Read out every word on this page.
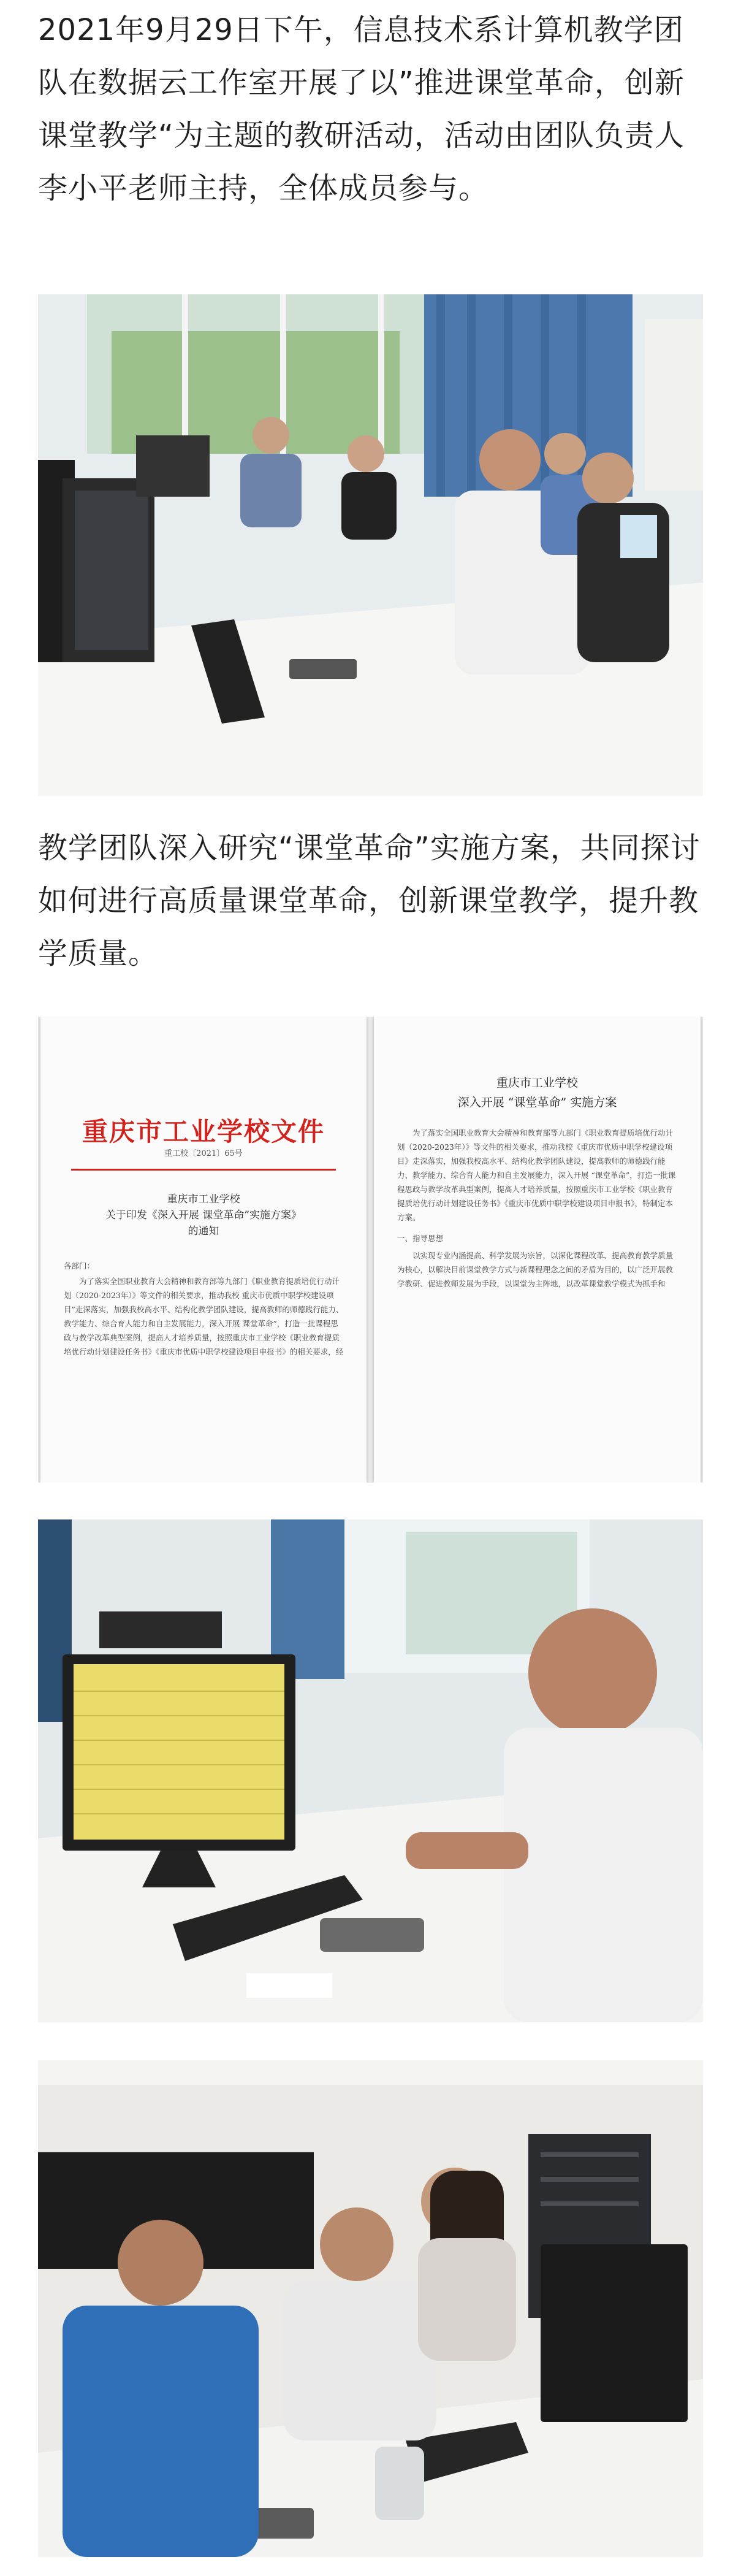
2021年9月29日下午，信息技术系计算机教学团队在数据云工作室开展了以”推进课堂革命，创新课堂教学“为主题的教研活动，活动由团队负责人李小平老师主持，全体成员参与。

教学团队深入研究“课堂革命”实施方案，共同探讨如何进行高质量课堂革命，创新课堂教学，提升教学质量。

重庆市工业学校文件
重工校〔2021〕65号
重庆市工业学校
关于印发《深入开展 课堂革命”实施方案》
的通知
各部门：
为了落实全国职业教育大会精神和教育部等九部门《职业教育提质培优行动计划（2020-2023年）》等文件的相关要求，推动我校 重庆市优质中职学校建设项目”走深落实，加强我校高水平、结构化教学团队建设，提高教师的师德践行能力、教学能力、综合育人能力和自主发展能力，深入开展 课堂革命”，打造一批课程思政与教学改革典型案例，提高人才培养质量，按照重庆市工业学校《职业教育提质培优行动计划建设任务书》《重庆市优质中职学校建设项目申报书》的相关要求，经
重庆市工业学校
深入开展 “课堂革命” 实施方案
为了落实全国职业教育大会精神和教育部等九部门《职业教育提质培优行动计划（2020-2023年）》等文件的相关要求，推动我校《重庆市优质中职学校建设项目》走深落实，加强我校高水平、结构化教学团队建设，提高教师的师德践行能力、教学能力、综合育人能力和自主发展能力，深入开展 “课堂革命”，打造一批课程思政与教学改革典型案例，提高人才培养质量，按照重庆市工业学校《职业教育提质培优行动计划建设任务书》《重庆市优质中职学校建设项目申报书》，特制定本方案。
一、指导思想
以实现专业内涵提高、科学发展为宗旨，以深化课程改革、提高教育教学质量为核心，以解决目前课堂教学方式与新课程理念之间的矛盾为目的，以广泛开展教学教研、促进教师发展为手段，以课堂为主阵地，以改革课堂教学模式为抓手和
